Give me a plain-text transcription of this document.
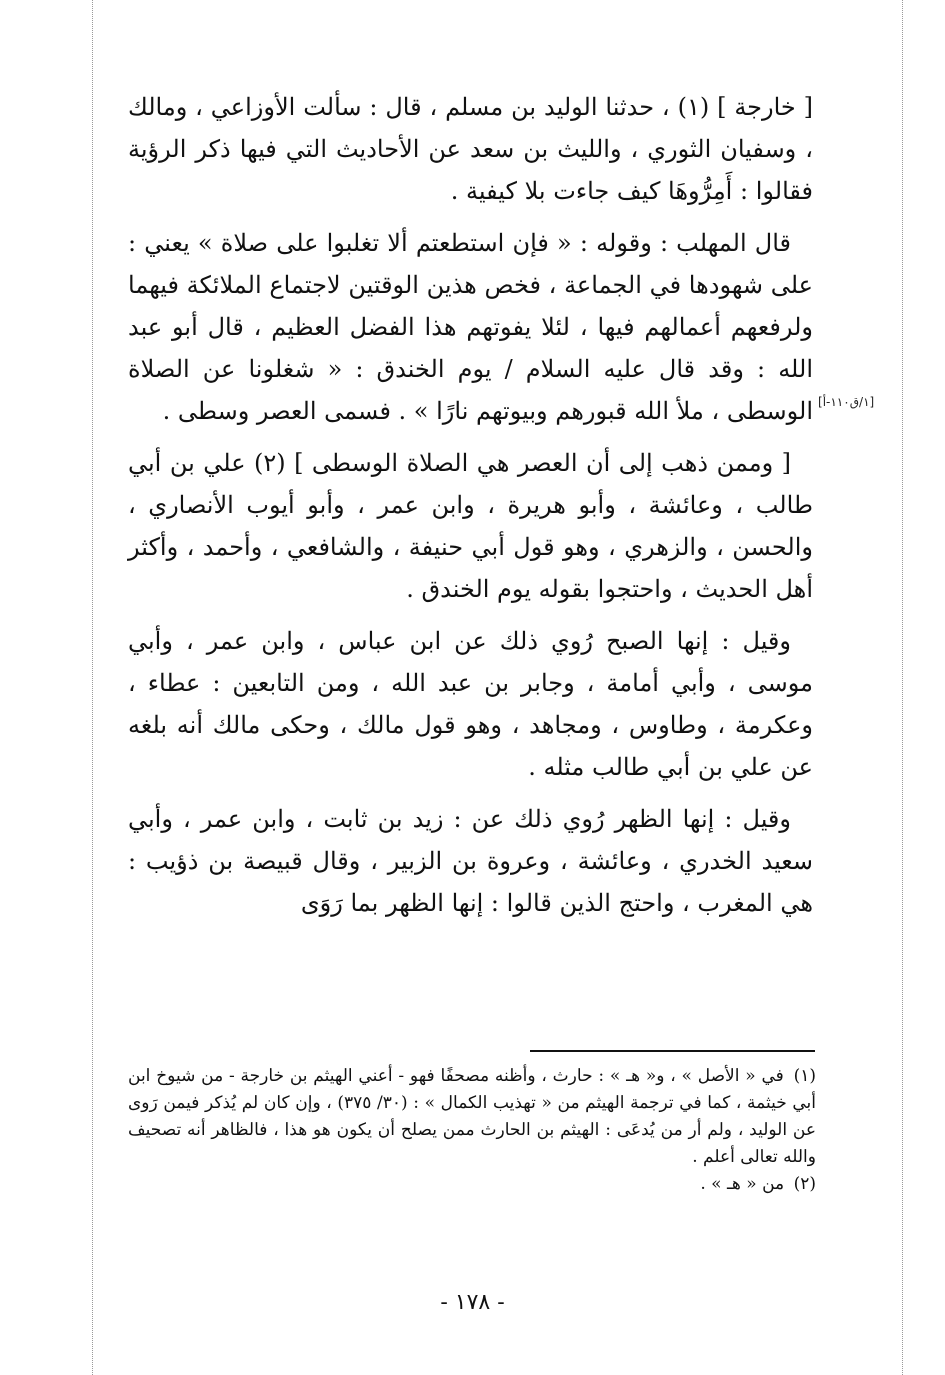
[١/ق١١٠-أ]

[ خارجة ] (١) ، حدثنا الوليد بن مسلم ، قال : سألت الأوزاعي ، ومالك ، وسفيان الثوري ، والليث بن سعد عن الأحاديث التي فيها ذكر الرؤية فقالوا : أَمِرُّوهَا كيف جاءت بلا كيفية .

قال المهلب : وقوله : « فإن استطعتم ألا تغلبوا على صلاة » يعني : على شهودها في الجماعة ، فخص هذين الوقتين لاجتماع الملائكة فيهما ولرفعهم أعمالهم فيها ، لئلا يفوتهم هذا الفضل العظيم ، قال أبو عبد الله : وقد قال عليه السلام / يوم الخندق : « شغلونا عن الصلاة الوسطى ، ملأ الله قبورهم وبيوتهم نارًا » . فسمى العصر وسطى .

[ وممن ذهب إلى أن العصر هي الصلاة الوسطى ] (٢) علي بن أبي طالب ، وعائشة ، وأبو هريرة ، وابن عمر ، وأبو أيوب الأنصاري ، والحسن ، والزهري ، وهو قول أبي حنيفة ، والشافعي ، وأحمد ، وأكثر أهل الحديث ، واحتجوا بقوله يوم الخندق .

وقيل : إنها الصبح رُوي ذلك عن ابن عباس ، وابن عمر ، وأبي موسى ، وأبي أمامة ، وجابر بن عبد الله ، ومن التابعين : عطاء ، وعكرمة ، وطاوس ، ومجاهد ، وهو قول مالك ، وحكى مالك أنه بلغه عن علي بن أبي طالب مثله .

وقيل : إنها الظهر رُوي ذلك عن : زيد بن ثابت ، وابن عمر ، وأبي سعيد الخدري ، وعائشة ، وعروة بن الزبير ، وقال قبيصة بن ذؤيب : هي المغرب ، واحتج الذين قالوا : إنها الظهر بما رَوَى

(١) في « الأصل » ، و« هـ » : حارث ، وأظنه مصحفًا فهو - أعني الهيثم بن خارجة - من شيوخ ابن أبي خيثمة ، كما في ترجمة الهيثم من « تهذيب الكمال » : (٣٠/ ٣٧٥) ، وإن كان لم يُذكر فيمن رَوى عن الوليد ، ولم أر من يُدعَى : الهيثم بن الحارث ممن يصلح أن يكون هو هذا ، فالظاهر أنه تصحيف والله تعالى أعلم .

(٢) من « هـ » .

- ١٧٨ -
